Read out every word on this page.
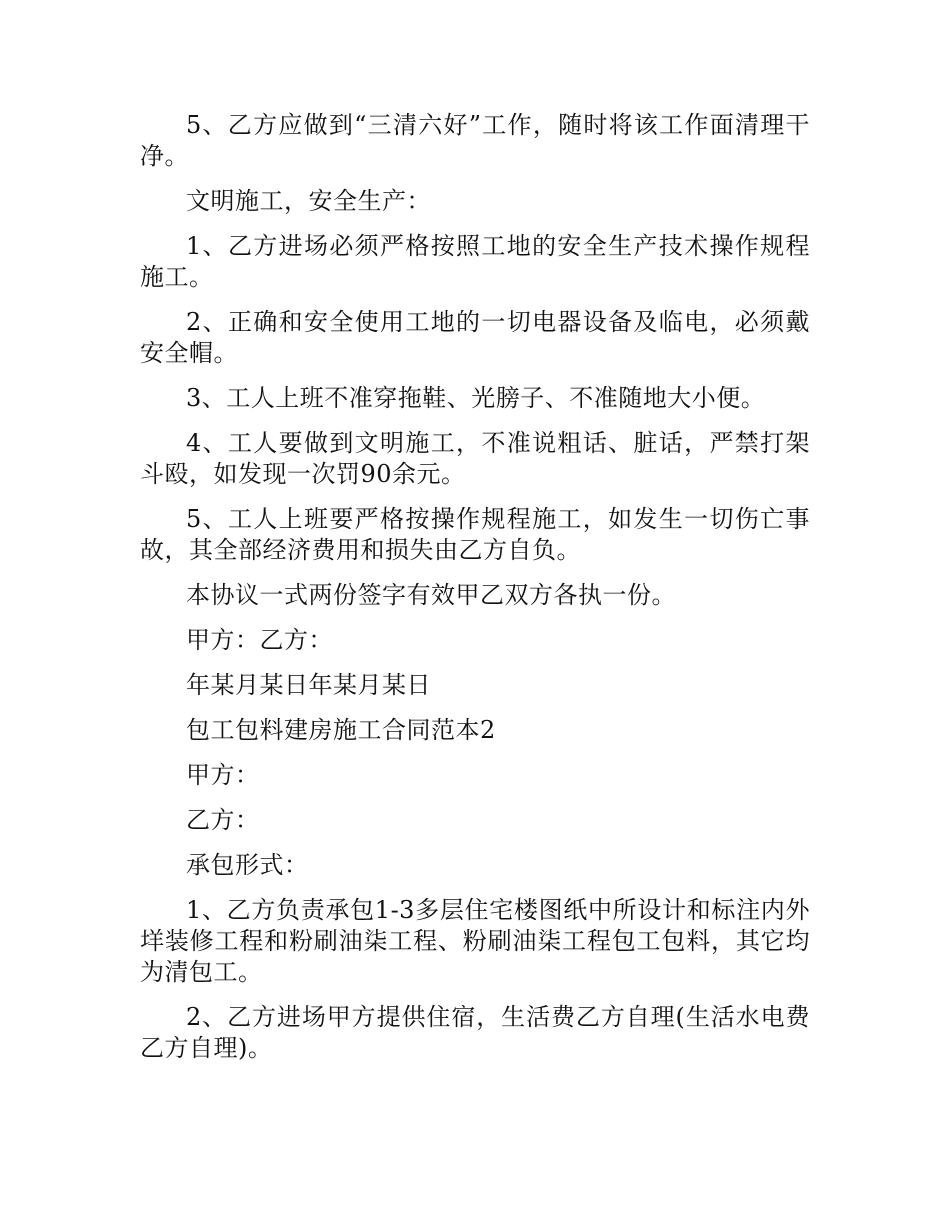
5、乙方应做到“三清六好”工作，随时将该工作面清理干净。

文明施工，安全生产：

1、乙方进场必须严格按照工地的安全生产技术操作规程施工。

2、正确和安全使用工地的一切电器设备及临电，必须戴安全帽。

3、工人上班不准穿拖鞋、光膀子、不准随地大小便。

4、工人要做到文明施工，不准说粗话、脏话，严禁打架斗殴，如发现一次罚90余元。

5、工人上班要严格按操作规程施工，如发生一切伤亡事故，其全部经济费用和损失由乙方自负。

本协议一式两份签字有效甲乙双方各执一份。

甲方：乙方：

年某月某日年某月某日

包工包料建房施工合同范本2

甲方：

乙方：

承包形式：

1、乙方负责承包1-3多层住宅楼图纸中所设计和标注内外垟装修工程和粉刷油柒工程、粉刷油柒工程包工包料，其它均为清包工。

2、乙方进场甲方提供住宿，生活费乙方自理(生活水电费乙方自理)。
